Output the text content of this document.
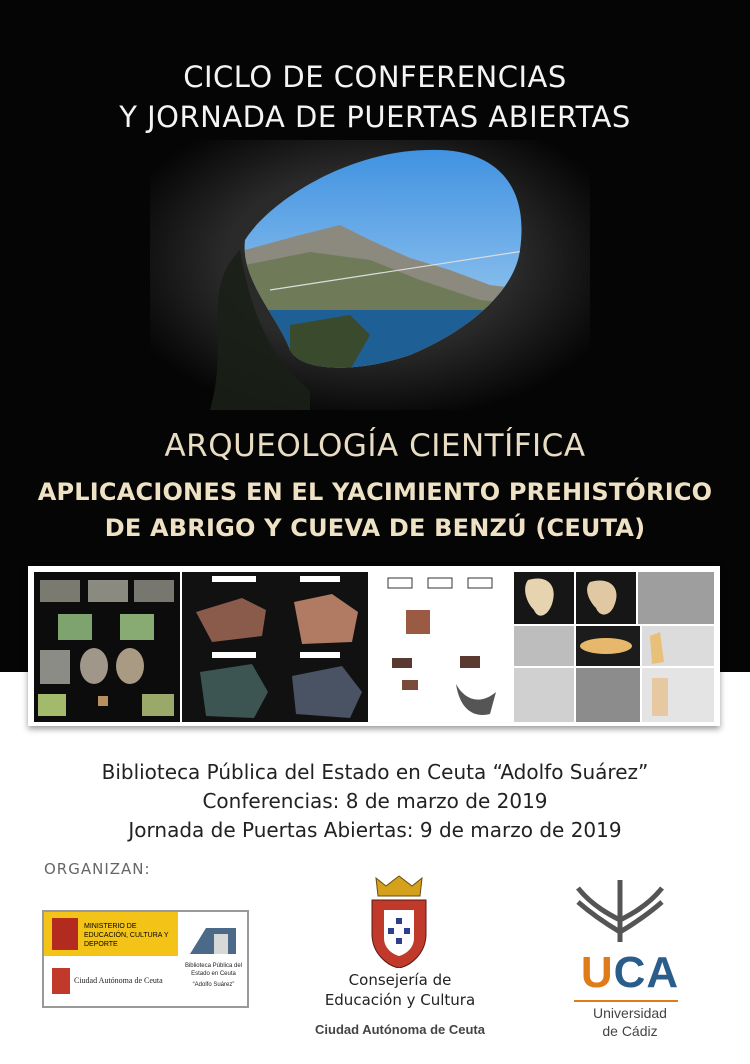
CICLO DE CONFERENCIAS
Y JORNADA DE PUERTAS ABIERTAS
ARQUEOLOGÍA CIENTÍFICA
APLICACIONES EN EL YACIMIENTO PREHISTÓRICO
DE ABRIGO Y CUEVA DE BENZÚ (CEUTA)
Biblioteca Pública del Estado en Ceuta “Adolfo Suárez”
Conferencias: 8 de marzo de 2019
Jornada de Puertas Abiertas: 9 de marzo de 2019
ORGANIZAN:
MINISTERIO DE EDUCACIÓN, CULTURA Y DEPORTE
Ciudad Autónoma de Ceuta
Biblioteca Pública del Estado en Ceuta
“Adolfo Suárez”	Consejería de
Educación y Cultura
Ciudad Autónoma de Ceuta
UCA
Universidad
de Cádiz
